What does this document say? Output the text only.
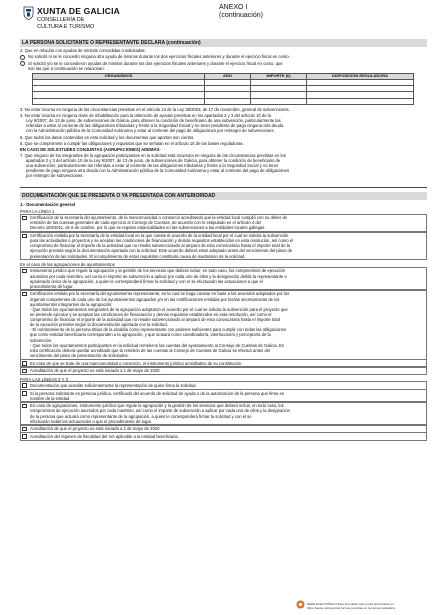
XUNTA DE GALICIA
CONSELLERÍA DE
CULTURA E TURISMO
ANEXO I
(continuación)
LA PERSONA SOLICITANTE O REPRESENTANTE DECLARA (continuación)
2. Que en relación con ayudas de minimis concedidas o solicitadas:
No solicitó ni se le concedió ninguna otra ayuda de minimis durante los dos ejercicios fiscales anteriores y durante el ejercicio fiscal en curso.
Sí solicitó y/o se le concedieron ayudas de minimis durante los dos ejercicios fiscales anteriores y durante el ejercicio fiscal en curso, que
son las que a continuación se relacionan:
ORGANISMOS	AÑO	IMPORTE (€)	DISPOSICIÓN REGULADORA

3. No estar incursa en ninguna de las circunstancias previstas en el artículo 13 de la Ley 38/2003, de 17 de noviembre, general de subvenciones.
4. No estar incursa en ninguna clase de inhabilitación para la obtención de ayudas previstas en los apartados 2 y 3 del artículo 10 de la
Ley 9/2007, de 13 de junio, de subvenciones de Galicia, para obtener la condición de beneficiario de una subvención, particularmente las
referidas a estar al corriente de las obligaciones tributarias y frente a la Seguridad Social y no tener pendiente de pago ninguna otra deuda
con la Administración pública de la Comunidad Autónoma y estar al corriente del pago de obligaciones por reintegro de subvenciones.
5. Que todos los datos contenidos en esta solicitud y los documentos que aportan son ciertos.
6. Que se compromete a cumplir las obligaciones y requisitos que se señalan en el artículo 15 de las bases reguladoras.
EN CASO DE SOLICITUDES CONJUNTAS (AGRUPACIONES) ADEMÁS:
7. Que ninguno de los integrantes de la agrupación participantes en la solicitud está incurso/a en ninguna de las circunstancias previstas en los
apartados 2 y 3 del artículo 10 de la Ley 9/2007, de 13 de junio, de subvenciones de Galicia, para obtener la condición de beneficiario de
una subvención, particularmente las referidas a estar al corriente de las obligaciones tributarias y frente a la Seguridad Social y no tener
pendiente de pago ninguna otra deuda con la Administración pública de la Comunidad Autónoma y estar al corriente del pago de obligaciones
por reintegro de subvenciones.
DOCUMENTACIÓN QUE SE PRESENTA O YA PRESENTADA CON ANTERIORIDAD
1.- Documentación general
PARA LA LÍNEA 1
Certificación de la secretaría del ayuntamiento, de la mancomunidad o consorcio acreditando que la entidad local cumplió con su deber de
remisión de las cuentas generales de cada ejercicio al Consejo de Cuentas, de acuerdo con lo estipulado en el artículo 4 del
Decreto 193/2011, de 6 de octubre, por lo que se regulan especialidades en las subvenciones a las entidades locales gallegas.
Certificación emitida por la secretaría de la entidad local en la que conste el acuerdo de la entidad local por el cual se solicita la subvención
para las actividades o proyectos y se aceptan las condiciones de financiación y demás requisitos establecidos en esta resolución, así como el
compromiso de financiar el importe de la actividad que no resulte subvencionado al amparo de esta convocatoria hasta el importe total de la
ejecución prevista según la documentación aportada con la solicitud. Este acuerdo deberá estar adoptado antes del vencimiento del plazo de
presentación de las solicitudes. El incumplimiento de estos requisitos constituirá causa de inadmisión de la solicitud.
En el caso de las agrupaciones de ayuntamientos
Instrumento jurídico que regule la agrupación y la gestión de los servicios que deberá incluir, en todo caso, los compromisos de ejecución
asumidos por cada miembro, así como el importe de subvención a aplicar por cada uno de ellos y la designación del/de la representante o
apoderado único de la agrupación, a quien le corresponderá firmar la solicitud y con el se efectuarán las actuaciones a que el
procedimiento dé lugar.
Certificación emitida por la secretaría del ayuntamiento representante, en la cual se haga constar en base a los acuerdos adoptados por los
órganos competentes de cada uno de los ayuntamientos agrupados y/o en las certificaciones emitidas por los/las secretarios/as de los
ayuntamientos integrantes de la agrupación:
- Que todos los ayuntamientos integrantes de la agrupación adoptaron el acuerdo por el cual se solicita la subvención para el proyecto que
se pretende ejecutar y se aceptan las condiciones de financiación y demás requisitos establecidos en esta resolución, así como el
compromiso de financiar el importe de la actividad que no resulte subvencionado al amparo de esta convocatoria hasta el importe total
de la ejecución prevista según la documentación aportada con la solicitud.
- El nombramiento de la persona titular de la alcaldía como representante con poderes suficientes para cumplir con todas las obligaciones
que como entidad beneficiaria corresponden a la agrupación, y que actuará como coordinador/a, interlocutor/a y perceptor/a de la
subvención.
- Que todos los ayuntamientos participantes en la solicitud remitieron las cuentas del ayuntamiento al Consejo de Cuentas de Galicia. En
esta certificación deberá quedar acreditado que la remisión de las cuentas al Consejo de Cuentas de Galicia se efectuó antes del
vencimiento del plazo de presentación de solicitudes.
En caso de que se trate de una mancomunidad o consorcio, el instrumento jurídico acreditativo de su constitución.
Acreditación de que el proyecto no está iniciado a 1 de mayo de 2020.
PARA LAS LÍNEAS 2 Y 3
Documentación que acredite suficientemente la representación de quien firma la solicitud.
Si la persona solicitante es persona jurídica, certificado del acuerdo de solicitud de ayuda o de la autorización de la persona que firme en
nombre de la entidad.
En caso de agrupaciones, instrumento jurídico que regule la agrupación y la gestión de los servicios que deberá incluir, en todo caso, los
compromisos de ejecución asumidos por cada miembro, así como el importe de subvención a aplicar por cada uno de ellos y la designación
de la persona que actuará como representante de la agrupación, a quien le corresponderá firmar la solicitud y con el se
efectuarán todas las actuaciones a que el procedimiento dé lugar.
Acreditación de que el proyecto no está iniciado a 1 de mayo de 2020.
Acreditación del régimen de fiscalidad del IVA aplicable a la entidad beneficiaria.
SEDE ELECTRÓNICA Este formulario sólo podrá presentarse en
https://sede.xunta.gal las formas previstas en la norma reguladora
